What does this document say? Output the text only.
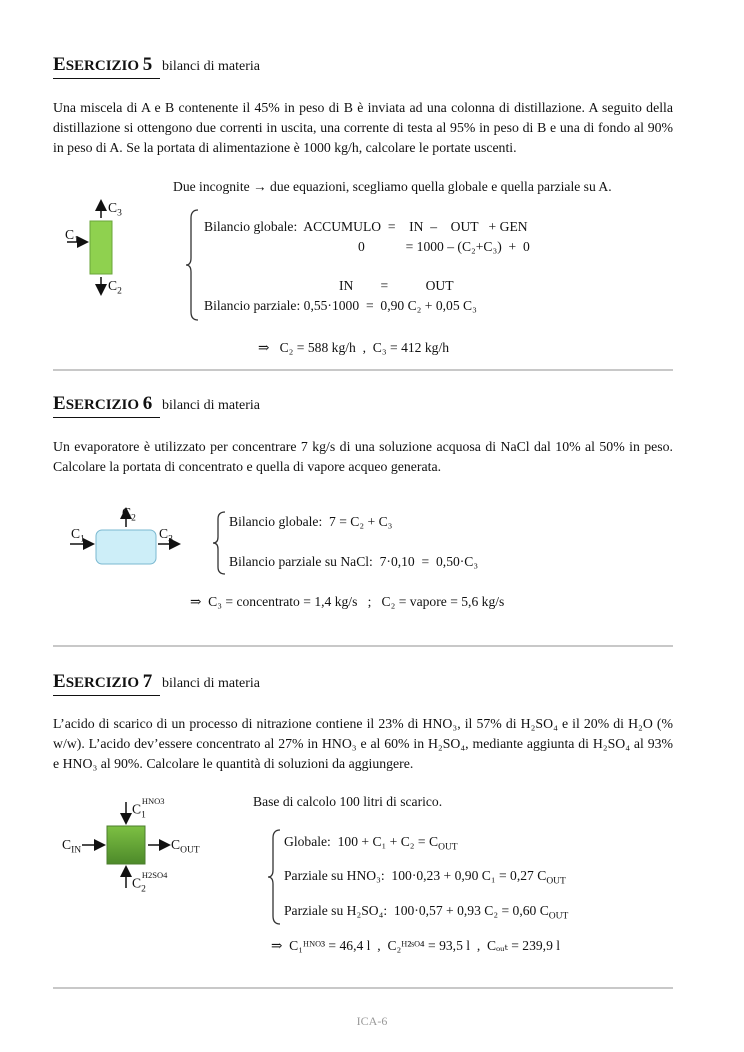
ESERCIZIO 5 bilanci di materia
Una miscela di A e B contenente il 45% in peso di B è inviata ad una colonna di distillazione. A seguito della distillazione si ottengono due correnti in uscita, una corrente di testa al 95% in peso di B e una di fondo al 90% in peso di A. Se la portata di alimentazione è 1000 kg/h, calcolare le portate uscenti.
Due incognite → due equazioni, scegliamo quella globale e quella parziale su A.
$C_3$
$C_1$
$C_2$
Bilancio globale:  ACCUMULO  =    IN  –    OUT   + GEN
0            = 1000 – (C₂+C₃)  +  0
IN        =           OUT
Bilancio parziale: 0,55·1000  =  0,90 C₂ + 0,05 C₃
⇒   C₂ = 588 kg/h  ,  C₃ = 412 kg/h
ESERCIZIO 6 bilanci di materia
Un evaporatore è utilizzato per concentrare 7 kg/s di una soluzione acquosa di NaCl dal 10% al 50% in peso. Calcolare la portata di concentrato e quella di vapore acqueo generata.
$C_2$
$C_1$	$C_3$
Bilancio globale:  7 = C₂ + C₃
Bilancio parziale su NaCl:  7·0,10  =  0,50·C₃
⇒  C₃ = concentrato = 1,4 kg/s   ;   C₂ = vapore = 5,6 kg/s
ESERCIZIO 7 bilanci di materia
L’acido di scarico di un processo di nitrazione contiene il 23% di HNO₃, il 57% di H₂SO₄ e il 20% di H₂O (% w/w). L’acido dev’essere concentrato al 27% in HNO₃ e al 60% in H₂SO₄, mediante aggiunta di H₂SO₄ al 93% e HNO₃ al 90%. Calcolare le quantità di soluzioni da aggiungere.
Base di calcolo 100 litri di scarico.
$C_1^{HNO3}$
$C_{IN}$	$C_{OUT}$
$C_2^{H2SO4}$
Globale:  $100 + C_1 + C_2 = C_{OUT}$
Parziale su HNO₃:  100·0,23 + 0,90 C₁ = 0,27 $C_{OUT}$
Parziale su H₂SO₄:  100·0,57 + 0,93 C₂ = 0,60 $C_{OUT}$
⇒  C₁ᴴᴺᴼ³ = 46,4 l  ,  C₂ᴴ²ˢᴼ⁴ = 93,5 l  ,  Cₒᵤₜ = 239,9 l
ICA-6
